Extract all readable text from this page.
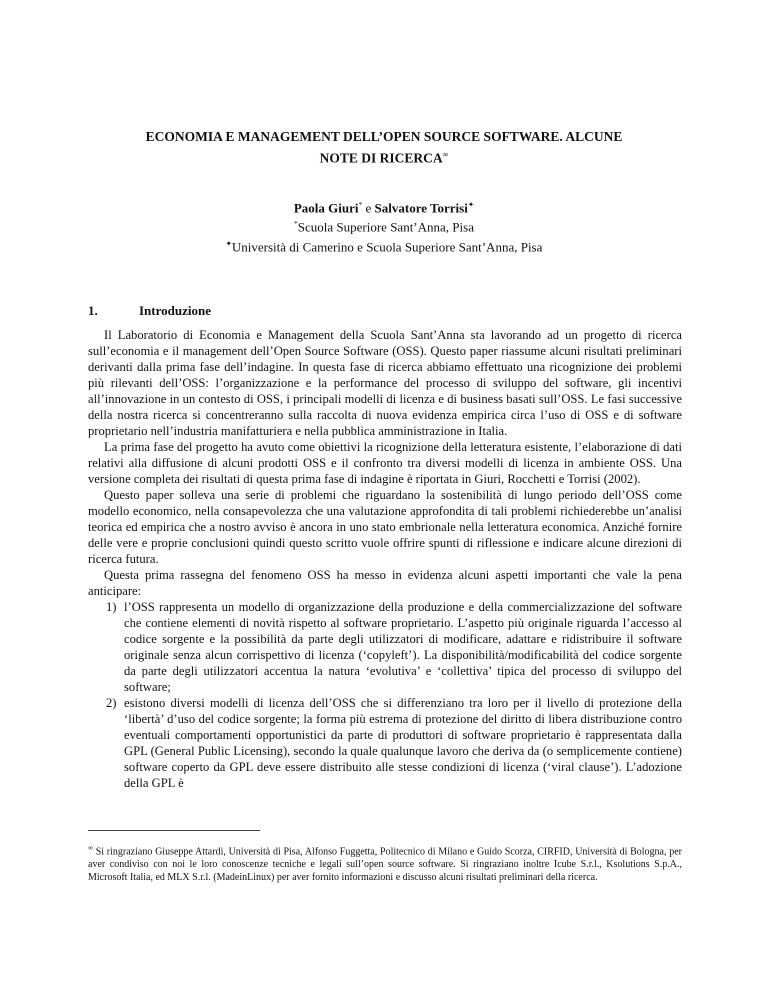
ECONOMIA E MANAGEMENT DELL’OPEN SOURCE SOFTWARE. ALCUNE
NOTE DI RICERCA∞
Paola Giuri* e Salvatore Torrisi✦
*Scuola Superiore Sant’Anna, Pisa
✦Università di Camerino e Scuola Superiore Sant’Anna, Pisa
1.	Introduzione

Il Laboratorio di Economia e Management della Scuola Sant’Anna sta lavorando ad un progetto di ricerca sull’economia e il management dell’Open Source Software (OSS). Questo paper riassume alcuni risultati preliminari derivanti dalla prima fase dell’indagine. In questa fase di ricerca abbiamo effettuato una ricognizione dei problemi più rilevanti dell’OSS: l’organizzazione e la performance del processo di sviluppo del software, gli incentivi all’innovazione in un contesto di OSS, i principali modelli di licenza e di business basati sull’OSS. Le fasi successive della nostra ricerca si concentreranno sulla raccolta di nuova evidenza empirica circa l’uso di OSS e di software proprietario nell’industria manifatturiera e nella pubblica amministrazione in Italia.

La prima fase del progetto ha avuto come obiettivi la ricognizione della letteratura esistente, l’elaborazione di dati relativi alla diffusione di alcuni prodotti OSS e il confronto tra diversi modelli di licenza in ambiente OSS. Una versione completa dei risultati di questa prima fase di indagine è riportata in Giuri, Rocchetti e Torrisi (2002).

Questo paper solleva una serie di problemi che riguardano la sostenibilità di lungo periodo dell’OSS come modello economico, nella consapevolezza che una valutazione approfondita di tali problemi richiederebbe un’analisi teorica ed empirica che a nostro avviso è ancora in uno stato embrionale nella letteratura economica. Anziché fornire delle vere e proprie conclusioni quindi questo scritto vuole offrire spunti di riflessione e indicare alcune direzioni di ricerca futura.

Questa prima rassegna del fenomeno OSS ha messo in evidenza alcuni aspetti importanti che vale la pena anticipare:

1) l’OSS rappresenta un modello di organizzazione della produzione e della commercializzazione del software che contiene elementi di novità rispetto al software proprietario. L’aspetto più originale riguarda l’accesso al codice sorgente e la possibilità da parte degli utilizzatori di modificare, adattare e ridistribuire il software originale senza alcun corrispettivo di licenza (‘copyleft’). La disponibilità/modificabilità del codice sorgente da parte degli utilizzatori accentua la natura ‘evolutiva’ e ‘collettiva’ tipica del processo di sviluppo del software;
2) esistono diversi modelli di licenza dell’OSS che si differenziano tra loro per il livello di protezione della ‘libertà’ d’uso del codice sorgente; la forma più estrema di protezione del diritto di libera distribuzione contro eventuali comportamenti opportunistici da parte di produttori di software proprietario è rappresentata dalla GPL (General Public Licensing), secondo la quale qualunque lavoro che deriva da (o semplicemente contiene) software coperto da GPL deve essere distribuito alle stesse condizioni di licenza (‘viral clause’). L’adozione della GPL è
∞ Si ringraziano Giuseppe Attardi, Università di Pisa, Alfonso Fuggetta, Politecnico di Milano e Guido Scorza, CIRFID, Università di Bologna, per aver condiviso con noi le loro conoscenze tecniche e legali sull’open source software. Si ringraziano inoltre Icube S.r.l., Ksolutions S.p.A., Microsoft Italia, ed MLX S.r.l. (MadeinLinux) per aver fornito informazioni e discusso alcuni risultati preliminari della ricerca.
